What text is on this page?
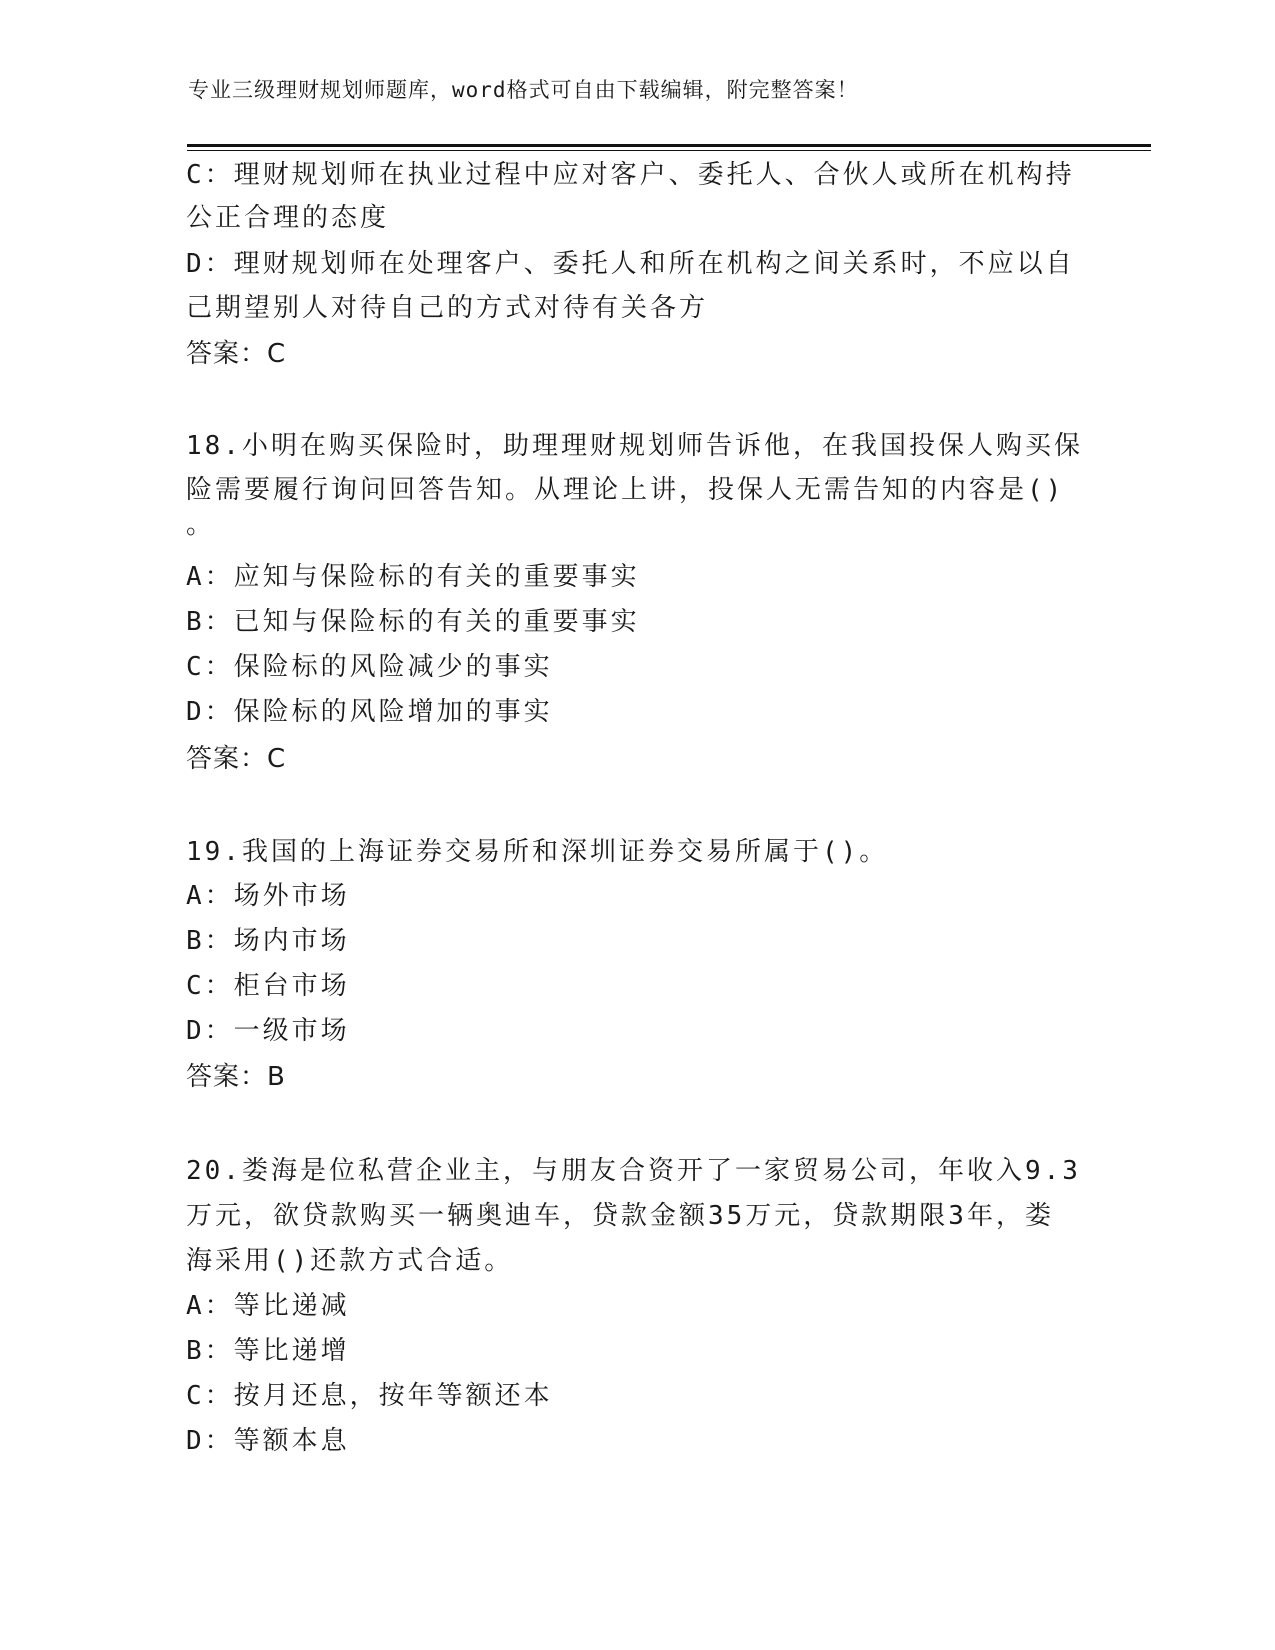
专业三级理财规划师题库，word格式可自由下载编辑，附完整答案！
C：理财规划师在执业过程中应对客户、委托人、合伙人或所在机构持
公正合理的态度
D：理财规划师在处理客户、委托人和所在机构之间关系时，不应以自
己期望别人对待自己的方式对待有关各方
答案：C
18.小明在购买保险时，助理理财规划师告诉他，在我国投保人购买保
险需要履行询问回答告知。从理论上讲，投保人无需告知的内容是()
。
A：应知与保险标的有关的重要事实
B：已知与保险标的有关的重要事实
C：保险标的风险减少的事实
D：保险标的风险增加的事实
答案：C
19.我国的上海证券交易所和深圳证券交易所属于()。
A：场外市场
B：场内市场
C：柜台市场
D：一级市场
答案：B
20.娄海是位私营企业主，与朋友合资开了一家贸易公司，年收入9.3
万元，欲贷款购买一辆奥迪车，贷款金额35万元，贷款期限3年，娄
海采用()还款方式合适。
A：等比递减
B：等比递增
C：按月还息，按年等额还本
D：等额本息
